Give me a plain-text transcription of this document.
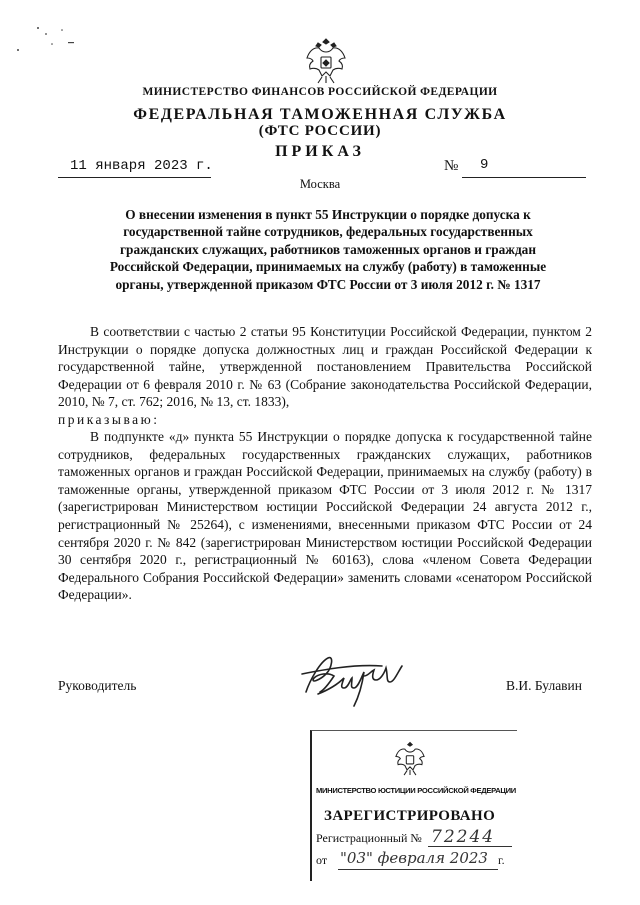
МИНИСТЕРСТВО ФИНАНСОВ РОССИЙСКОЙ ФЕДЕРАЦИИ
ФЕДЕРАЛЬНАЯ ТАМОЖЕННАЯ СЛУЖБА
(ФТС РОССИИ)
ПРИКАЗ
11 января 2023 г.	№ 9
Москва
О внесении изменения в пункт 55 Инструкции о порядке допуска к государственной тайне сотрудников, федеральных государственных гражданских служащих, работников таможенных органов и граждан Российской Федерации, принимаемых на службу (работу) в таможенные органы, утвержденной приказом ФТС России от 3 июля 2012 г. № 1317

В соответствии с частью 2 статьи 95 Конституции Российской Федерации, пунктом 2 Инструкции о порядке допуска должностных лиц и граждан Российской Федерации к государственной тайне, утвержденной постановлением Правительства Российской Федерации от 6 февраля 2010 г. № 63 (Собрание законодательства Российской Федерации, 2010, № 7, ст. 762; 2016, № 13, ст. 1833),

приказываю:

В подпункте «д» пункта 55 Инструкции о порядке допуска к государственной тайне сотрудников, федеральных государственных гражданских служащих, работников таможенных органов и граждан Российской Федерации, принимаемых на службу (работу) в таможенные органы, утвержденной приказом ФТС России от 3 июля 2012 г. № 1317 (зарегистрирован Министерством юстиции Российской Федерации 24 августа 2012 г., регистрационный № 25264), с изменениями, внесенными приказом ФТС России от 24 сентября 2020 г. № 842 (зарегистрирован Министерством юстиции Российской Федерации 30 сентября 2020 г., регистрационный № 60163), слова «членом Совета Федерации Федерального Собрания Российской Федерации» заменить словами «сенатором Российской Федерации».

Руководитель	В.И. Булавин
МИНИСТЕРСТВО ЮСТИЦИИ РОССИЙСКОЙ ФЕДЕРАЦИИ
ЗАРЕГИСТРИРОВАНО
Регистрационный № 72244
от "03" февраля 2023 г.
